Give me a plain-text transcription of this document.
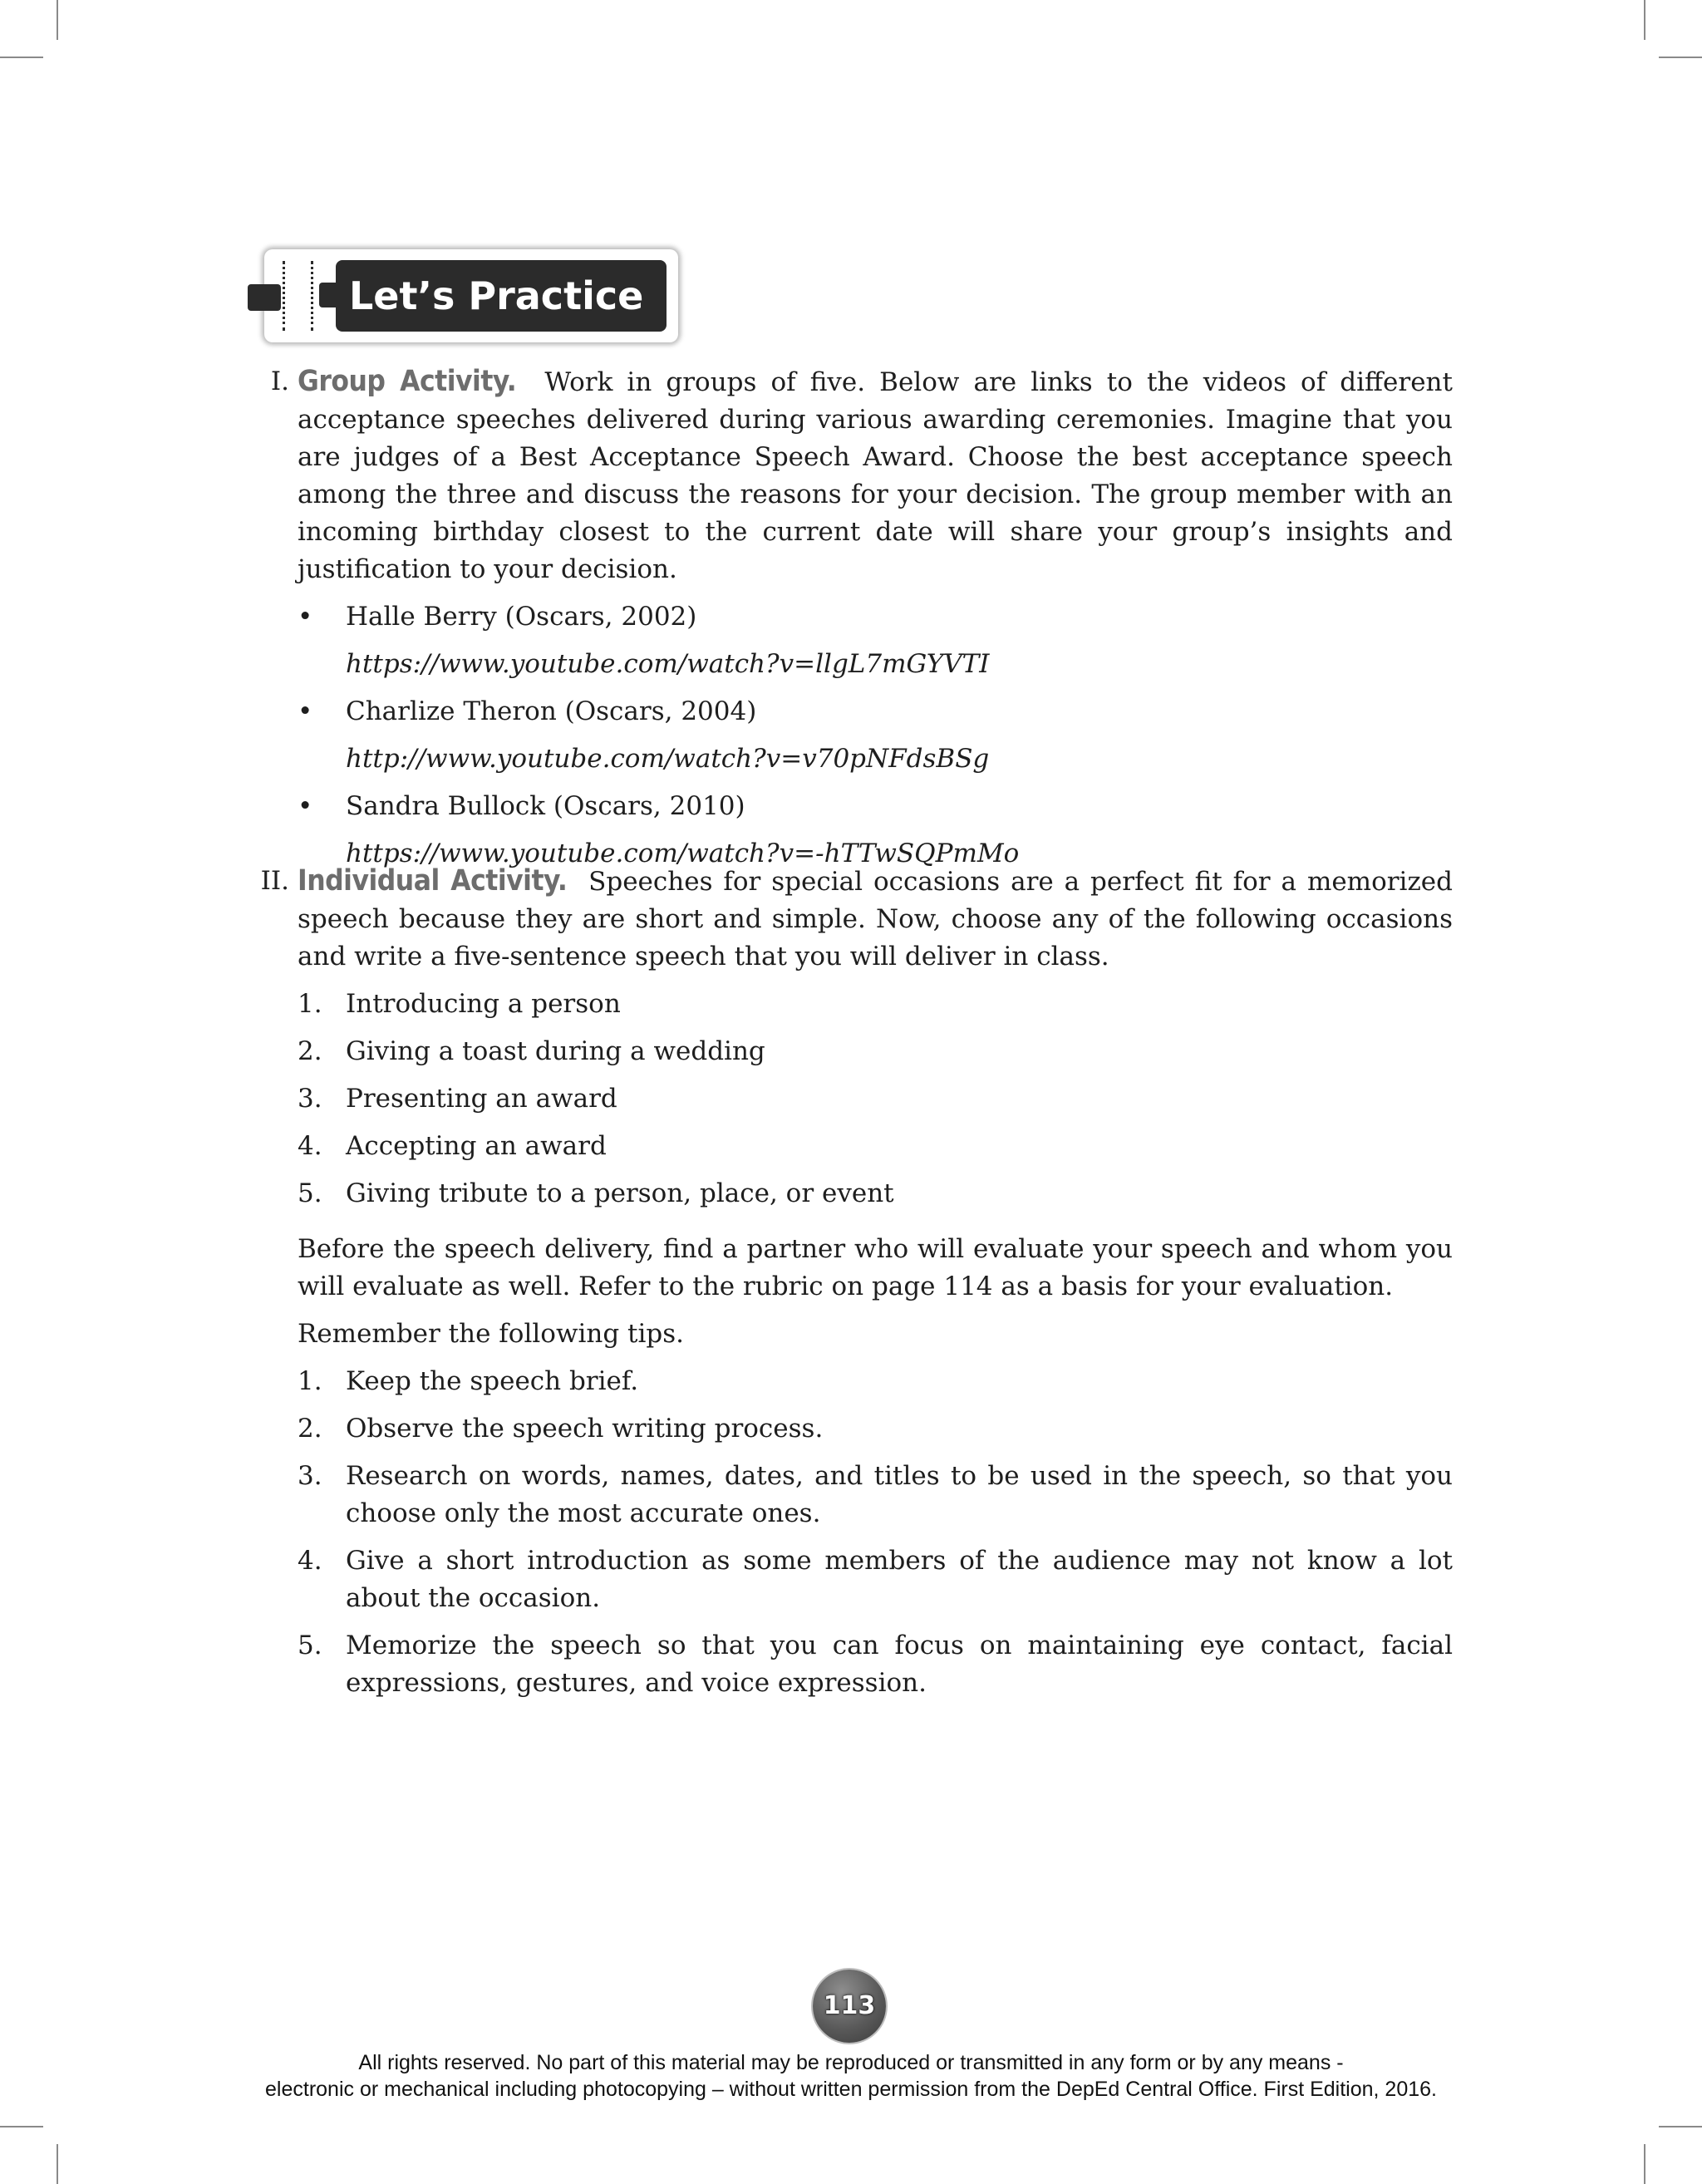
Let’s Practice
I. Group Activity. Work in groups of five. Below are links to the videos of different acceptance speeches delivered during various awarding ceremonies. Imagine that you are judges of a Best Acceptance Speech Award. Choose the best acceptance speech among the three and discuss the reasons for your decision. The group member with an incoming birthday closest to the current date will share your group’s insights and justification to your decision.

•	Halle Berry (Oscars, 2002)
https://www.youtube.com/watch?v=llgL7mGYVTI
•	Charlize Theron (Oscars, 2004)
http://www.youtube.com/watch?v=v70pNFdsBSg
•	Sandra Bullock (Oscars, 2010)
https://www.youtube.com/watch?v=-hTTwSQPmMo
II. Individual Activity. Speeches for special occasions are a perfect fit for a memorized speech because they are short and simple. Now, choose any of the following occasions and write a five-sentence speech that you will deliver in class.

1. Introducing a person
2. Giving a toast during a wedding
3. Presenting an award
4. Accepting an award
5. Giving tribute to a person, place, or event

Before the speech delivery, find a partner who will evaluate your speech and whom you will evaluate as well. Refer to the rubric on page 114 as a basis for your evaluation.

Remember the following tips.

1. Keep the speech brief.
2. Observe the speech writing process.
3. Research on words, names, dates, and titles to be used in the speech, so that you choose only the most accurate ones.
4. Give a short introduction as some members of the audience may not know a lot about the occasion.
5. Memorize the speech so that you can focus on maintaining eye contact, facial expressions, gestures, and voice expression.
113
All rights reserved. No part of this material may be reproduced or transmitted in any form or by any means -
electronic or mechanical including photocopying – without written permission from the DepEd Central Office. First Edition, 2016.
